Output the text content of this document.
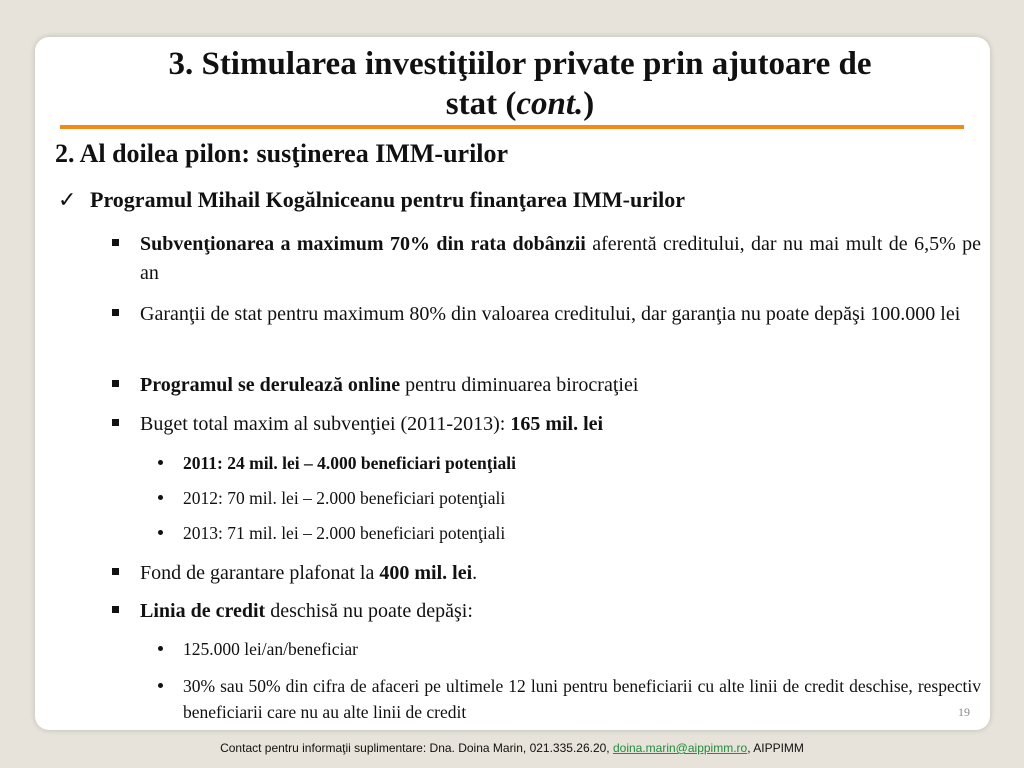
3. Stimularea investiţiilor private prin ajutoare de
stat (cont.)
2. Al doilea pilon: susţinerea IMM-urilor
✓ Programul Mihail Kogălniceanu pentru finanţarea IMM-urilor
Subvenţionarea a maximum 70% din rata dobânzii aferentă creditului, dar nu mai mult de 6,5% pe an
Garanţii de stat pentru maximum 80% din valoarea creditului, dar garanţia nu poate depăşi 100.000 lei
Programul se derulează online pentru diminuarea birocraţiei
Buget total maxim al subvenţiei (2011-2013): 165 mil. lei
2011: 24 mil. lei – 4.000 beneficiari potenţiali
2012: 70 mil. lei – 2.000 beneficiari potenţiali
2013: 71 mil. lei – 2.000 beneficiari potenţiali
Fond de garantare plafonat la 400 mil. lei.
Linia de credit deschisă nu poate depăşi:
125.000 lei/an/beneficiar
30% sau 50% din cifra de afaceri pe ultimele 12 luni pentru beneficiarii cu alte linii de credit deschise, respectiv beneficiarii care nu au alte linii de credit	19
Contact pentru informaţii suplimentare: Dna. Doina Marin, 021.335.26.20, doina.marin@aippimm.ro, AIPPIMM
